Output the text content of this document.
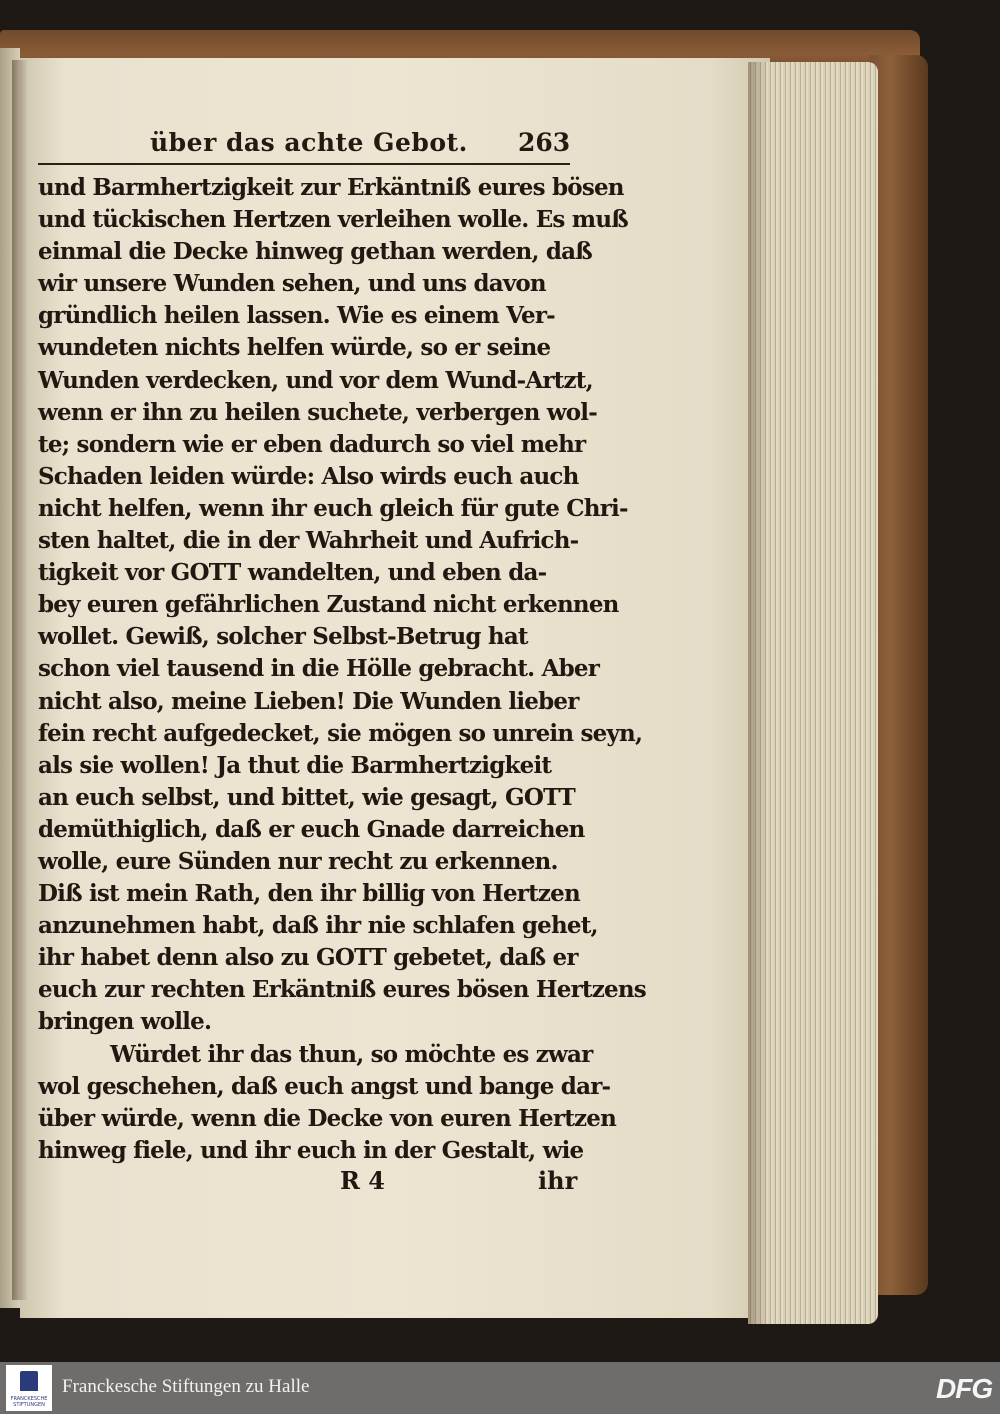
über das achte Gebot. 263
und Barmhertzigkeit zur Erkäntniß eures bösen
und tückischen Hertzen verleihen wolle. Es muß
einmal die Decke hinweg gethan werden, daß
wir unsere Wunden sehen, und uns davon
gründlich heilen lassen. Wie es einem Ver-
wundeten nichts helfen würde, so er seine
Wunden verdecken, und vor dem Wund-Artzt,
wenn er ihn zu heilen suchete, verbergen wol-
te; sondern wie er eben dadurch so viel mehr
Schaden leiden würde: Also wirds euch auch
nicht helfen, wenn ihr euch gleich für gute Chri-
sten haltet, die in der Wahrheit und Aufrich-
tigkeit vor GOTT wandelten, und eben da-
bey euren gefährlichen Zustand nicht erkennen
wollet. Gewiß, solcher Selbst-Betrug hat
schon viel tausend in die Hölle gebracht. Aber
nicht also, meine Lieben! Die Wunden lieber
fein recht aufgedecket, sie mögen so unrein seyn,
als sie wollen! Ja thut die Barmhertzigkeit
an euch selbst, und bittet, wie gesagt, GOTT
demüthiglich, daß er euch Gnade darreichen
wolle, eure Sünden nur recht zu erkennen.
Diß ist mein Rath, den ihr billig von Hertzen
anzunehmen habt, daß ihr nie schlafen gehet,
ihr habet denn also zu GOTT gebetet, daß er
euch zur rechten Erkäntniß eures bösen Hertzens
bringen wolle.
Würdet ihr das thun, so möchte es zwar
wol geschehen, daß euch angst und bange dar-
über würde, wenn die Decke von euren Hertzen
hinweg fiele, und ihr euch in der Gestalt, wie
R 4	ihr
FRANCKESCHE STIFTUNGEN
Franckesche Stiftungen zu Halle	DFG
